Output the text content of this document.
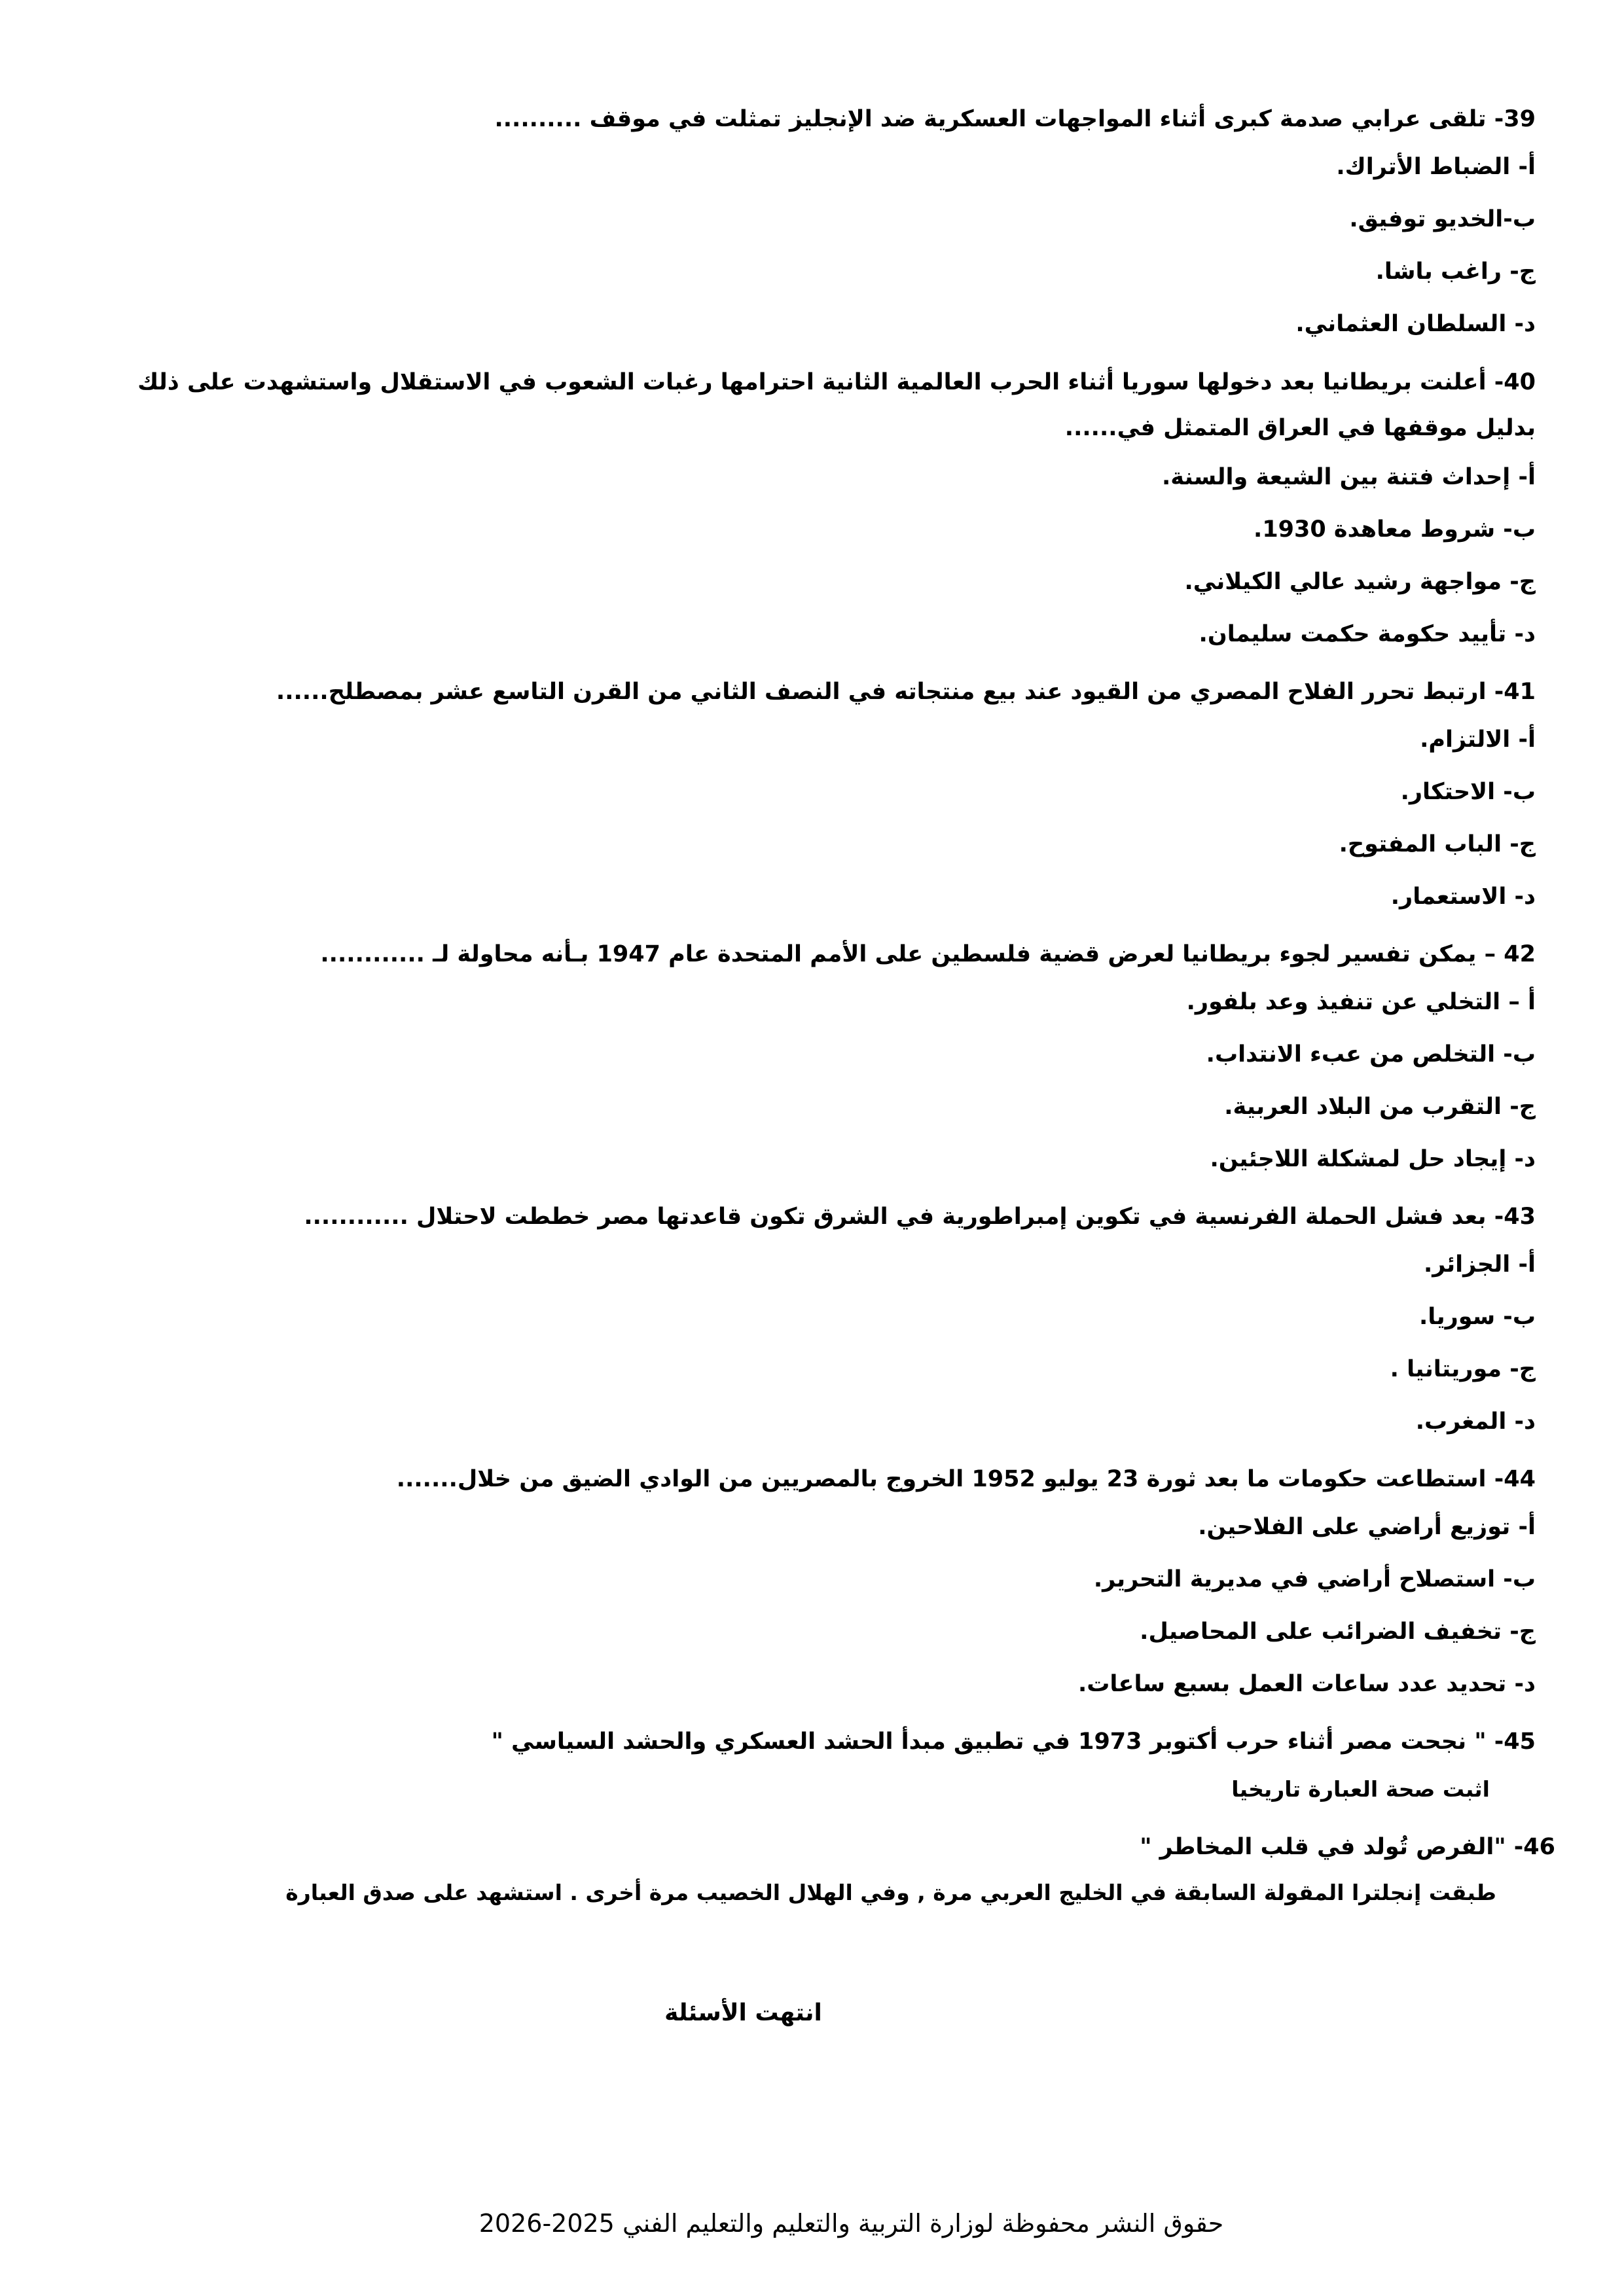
39- تلقى عرابي صدمة كبرى أثناء المواجهات العسكرية ضد الإنجليز تمثلت في موقف ..........

أ- الضباط الأتراك.

ب-الخديو توفيق.

ج- راغب باشا.

د- السلطان العثماني.

40- أعلنت بريطانيا بعد دخولها سوريا أثناء الحرب العالمية الثانية احترامها رغبات الشعوب في الاستقلال واستشهدت على ذلك بدليل موقفها في العراق المتمثل في......

أ- إحداث فتنة بين الشيعة والسنة.

ب- شروط معاهدة 1930.

ج- مواجهة رشيد عالي الكيلاني.

د- تأييد حكومة حكمت سليمان.

41- ارتبط تحرر الفلاح المصري من القيود عند بيع منتجاته في النصف الثاني من القرن التاسع عشر بمصطلح......

أ- الالتزام.

ب- الاحتكار.

ج- الباب المفتوح.

د- الاستعمار.

42 – يمكن تفسير لجوء بريطانيا لعرض قضية فلسطين على الأمم المتحدة عام 1947 بـأنه محاولة لـ ............

أ – التخلي عن تنفيذ وعد بلفور.

ب- التخلص من عبء الانتداب.

ج- التقرب من البلاد العربية.

د- إيجاد حل لمشكلة اللاجئين.

43- بعد فشل الحملة الفرنسية في تكوين إمبراطورية في الشرق تكون قاعدتها مصر خططت لاحتلال ............

أ- الجزائر.

ب- سوريا.

ج- موريتانيا .

د- المغرب.

44- استطاعت حكومات ما بعد ثورة 23 يوليو 1952 الخروج بالمصريين من الوادي الضيق من خلال.......

أ- توزيع أراضي على الفلاحين.

ب- استصلاح أراضي في مديرية التحرير.

ج- تخفيف الضرائب على المحاصيل.

د- تحديد عدد ساعات العمل بسبع ساعات.

45- " نجحت مصر أثناء حرب أكتوبر 1973 في تطبيق مبدأ الحشد العسكري والحشد السياسي "

اثبت صحة العبارة تاريخيا

46- "الفرص تُولد في قلب المخاطر "

طبقت إنجلترا المقولة السابقة في الخليج العربي مرة , وفي الهلال الخصيب مرة أخرى . استشهد على صدق العبارة
انتهت الأسئلة
حقوق النشر محفوظة لوزارة التربية والتعليم والتعليم الفني 2025-2026
